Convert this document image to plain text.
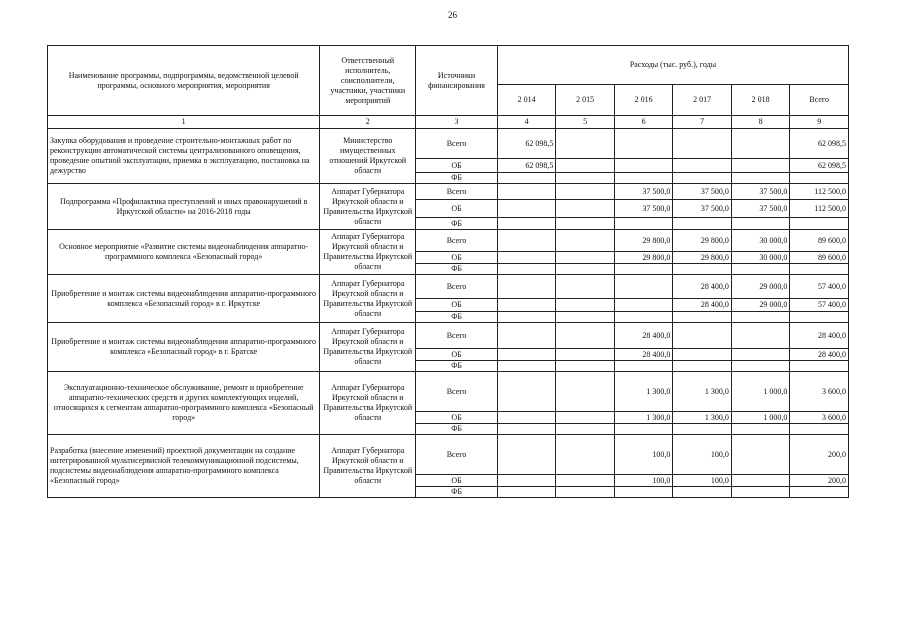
26
Наименование программы, подпрограммы, ведомственной целевой программы, основного мероприятия, мероприятия	Ответственный исполнитель, соисполнители, участники, участники мероприятий	Источники финансирования	Расходы (тыс. руб.), годы					
			2 014	2 015	2 016	2 017	2 018	Всего
1	2	3	4	5	6	7	8	9
Закупка оборудования и проведение строительно-монтажных работ по реконструкции автоматической системы централизованного оповещения, проведение опытной эксплуатации, приемка в эксплуатацию, постановка на дежурство	Министерство имущественных отношений Иркутской области	Всего	62 098,5					62 098,5
		ОБ	62 098,5					62 098,5
		ФБ						
Подпрограмма «Профилактика преступлений и иных правонарушений в Иркутской области» на 2016-2018 годы	Аппарат Губернатора Иркутской области и Правительства Иркутской области	Всего			37 500,0	37 500,0	37 500,0	112 500,0
		ОБ			37 500,0	37 500,0	37 500,0	112 500,0
		ФБ						
Основное мероприятие «Развитие системы видеонаблюдения аппаратно-программного комплекса «Безопасный город»	Аппарат Губернатора Иркутской области и Правительства Иркутской области	Всего			29 800,0	29 800,0	30 000,0	89 600,0
		ОБ			29 800,0	29 800,0	30 000,0	89 600,0
		ФБ						
Приобретение и монтаж системы видеонаблюдения аппаратно-программного комплекса «Безопасный город» в г. Иркутске	Аппарат Губернатора Иркутской области и Правительства Иркутской области	Всего				28 400,0	29 000,0	57 400,0
		ОБ				28 400,0	29 000,0	57 400,0
		ФБ						
Приобретение и монтаж системы видеонаблюдения аппаратно-программного комплекса «Безопасный город» в г. Братске	Аппарат Губернатора Иркутской области и Правительства Иркутской области	Всего			28 400,0			28 400,0
		ОБ			28 400,0			28 400,0
		ФБ						
Эксплуатационно-техническое обслуживание, ремонт и приобретение аппаратно-технических средств и других комплектующих изделий, относящихся к сегментам аппаратно-программного комплекса «Безопасный город»	Аппарат Губернатора Иркутской области и Правительства Иркутской области	Всего			1 300,0	1 300,0	1 000,0	3 600,0
		ОБ			1 300,0	1 300,0	1 000,0	3 600,0
		ФБ						
Разработка (внесение изменений) проектной документации на создание интегрированной мультисервисной телекоммуникационной подсистемы, подсистемы видеонаблюдения аппаратно-программного комплекса «Безопасный город»	Аппарат Губернатора Иркутской области и Правительства Иркутской области	Всего			100,0	100,0		200,0
		ОБ			100,0	100,0		200,0
		ФБ						
